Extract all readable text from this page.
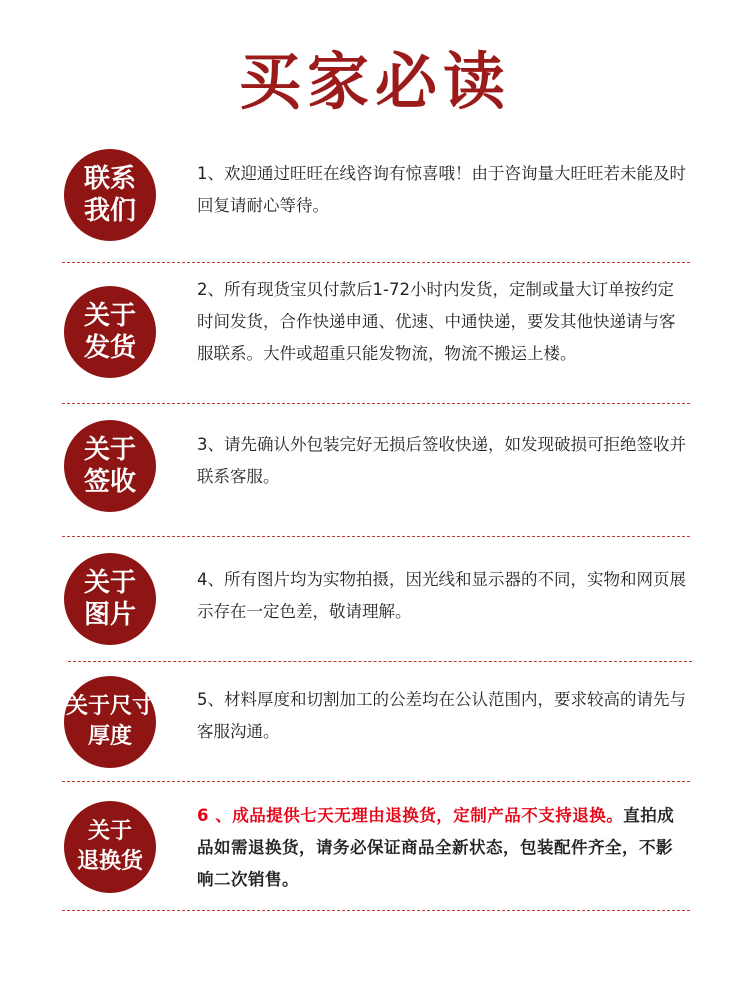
买家必读
联系
我们
1、欢迎通过旺旺在线咨询有惊喜哦！由于咨询量大旺旺若未能及时回复请耐心等待。
关于
发货
2、所有现货宝贝付款后1-72小时内发货，定制或量大订单按约定时间发货，合作快递申通、优速、中通快递，要发其他快递请与客服联系。大件或超重只能发物流，物流不搬运上楼。
关于
签收
3、请先确认外包装完好无损后签收快递，如发现破损可拒绝签收并联系客服。
关于
图片
4、所有图片均为实物拍摄，因光线和显示器的不同，实物和网页展示存在一定色差，敬请理解。
关于尺寸
厚度
5、材料厚度和切割加工的公差均在公认范围内，要求较高的请先与客服沟通。
关于
退换货
6 、成品提供七天无理由退换货，定制产品不支持退换。直拍成品如需退换货，请务必保证商品全新状态，包装配件齐全，不影响二次销售。
